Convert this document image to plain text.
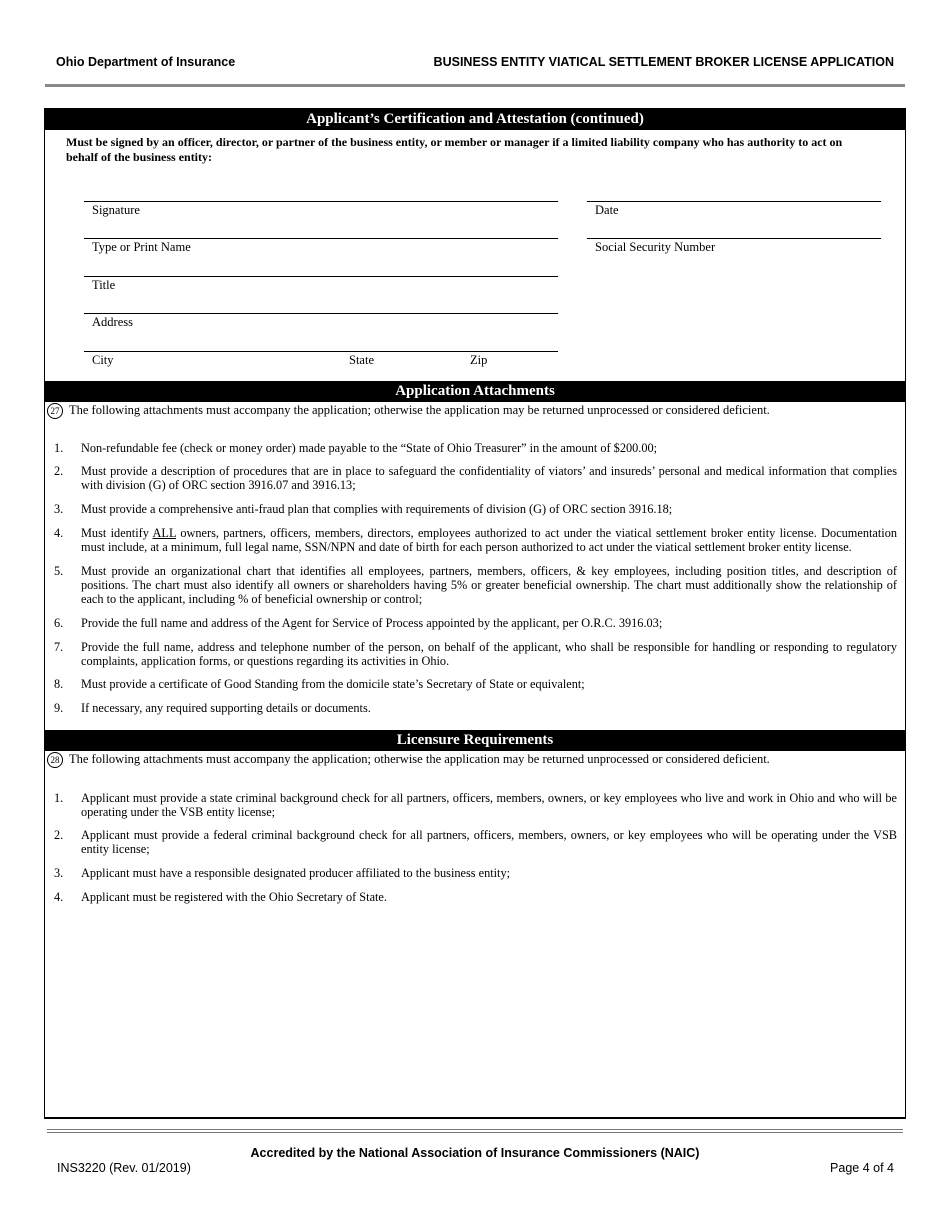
Ohio Department of Insurance	BUSINESS ENTITY VIATICAL SETTLEMENT BROKER LICENSE APPLICATION
Applicant’s Certification and Attestation (continued)
Must be signed by an officer, director, or partner of the business entity, or member or manager if a limited liability company who has authority to act on behalf of the business entity:
Signature	Date
Type or Print Name	Social Security Number
Title
Address
City	State	Zip
Application Attachments
27 The following attachments must accompany the application; otherwise the application may be returned unprocessed or considered deficient.
1. Non-refundable fee (check or money order) made payable to the “State of Ohio Treasurer” in the amount of $200.00;
2. Must provide a description of procedures that are in place to safeguard the confidentiality of viators’ and insureds’ personal and medical information that complies with division (G) of ORC section 3916.07 and 3916.13;
3. Must provide a comprehensive anti-fraud plan that complies with requirements of division (G) of ORC section 3916.18;
4. Must identify ALL owners, partners, officers, members, directors, employees authorized to act under the viatical settlement broker entity license. Documentation must include, at a minimum, full legal name, SSN/NPN and date of birth for each person authorized to act under the viatical settlement broker entity license.
5. Must provide an organizational chart that identifies all employees, partners, members, officers, & key employees, including position titles, and description of positions. The chart must also identify all owners or shareholders having 5% or greater beneficial ownership. The chart must additionally show the relationship of each to the applicant, including % of beneficial ownership or control;
6. Provide the full name and address of the Agent for Service of Process appointed by the applicant, per O.R.C. 3916.03;
7. Provide the full name, address and telephone number of the person, on behalf of the applicant, who shall be responsible for handling or responding to regulatory complaints, application forms, or questions regarding its activities in Ohio.
8. Must provide a certificate of Good Standing from the domicile state’s Secretary of State or equivalent;
9. If necessary, any required supporting details or documents.
Licensure Requirements
28 The following attachments must accompany the application; otherwise the application may be returned unprocessed or considered deficient.
1. Applicant must provide a state criminal background check for all partners, officers, members, owners, or key employees who live and work in Ohio and who will be operating under the VSB entity license;
2. Applicant must provide a federal criminal background check for all partners, officers, members, owners, or key employees who will be operating under the VSB entity license;
3. Applicant must have a responsible designated producer affiliated to the business entity;
4. Applicant must be registered with the Ohio Secretary of State.
Accredited by the National Association of Insurance Commissioners (NAIC)
INS3220 (Rev. 01/2019)	Page 4 of 4
